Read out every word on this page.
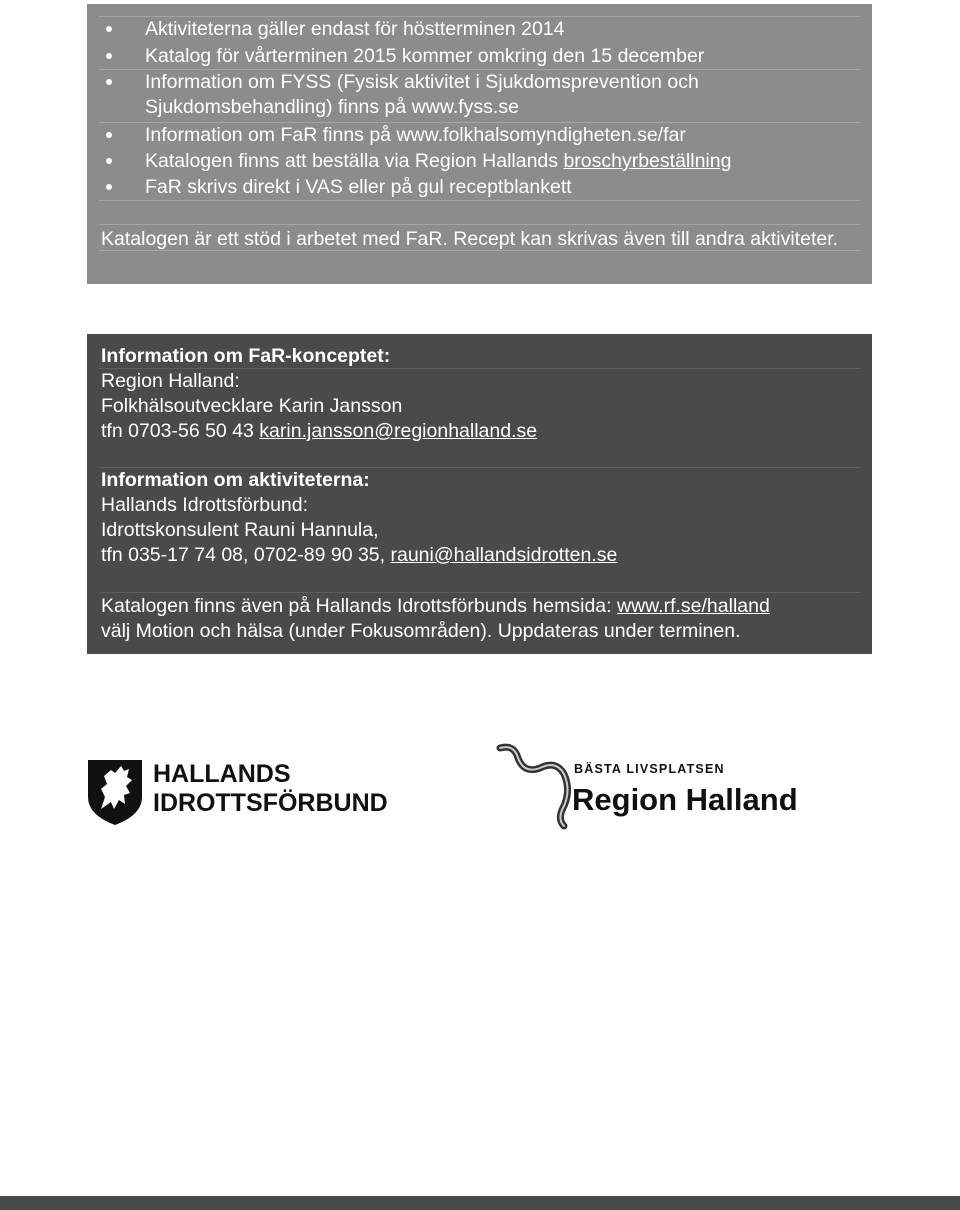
Aktiviteterna gäller endast för höstterminen 2014
Katalog för vårterminen 2015 kommer omkring den 15 december
Information om FYSS (Fysisk aktivitet i Sjukdomsprevention och
Sjukdomsbehandling) finns på www.fyss.se
Information om FaR finns på www.folkhalsomyndigheten.se/far
Katalogen finns att beställa via Region Hallands broschyrbeställning
FaR skrivs direkt i VAS eller på gul receptblankett
Katalogen är ett stöd i arbetet med FaR. Recept kan skrivas även till andra aktiviteter.
Information om FaR-konceptet:
Region Halland:
Folkhälsoutvecklare Karin Jansson
tfn 0703-56 50 43 karin.jansson@regionhalland.se
Information om aktiviteterna:
Hallands Idrottsförbund:
Idrottskonsulent Rauni Hannula,
tfn 035-17 74 08, 0702-89 90 35, rauni@hallandsidrotten.se
Katalogen finns även på Hallands Idrottsförbunds hemsida: www.rf.se/halland
välj Motion och hälsa (under Fokusområden). Uppdateras under terminen.
HALLANDS
IDROTTSFÖRBUND
BÄSTA LIVSPLATSEN
Region Halland
